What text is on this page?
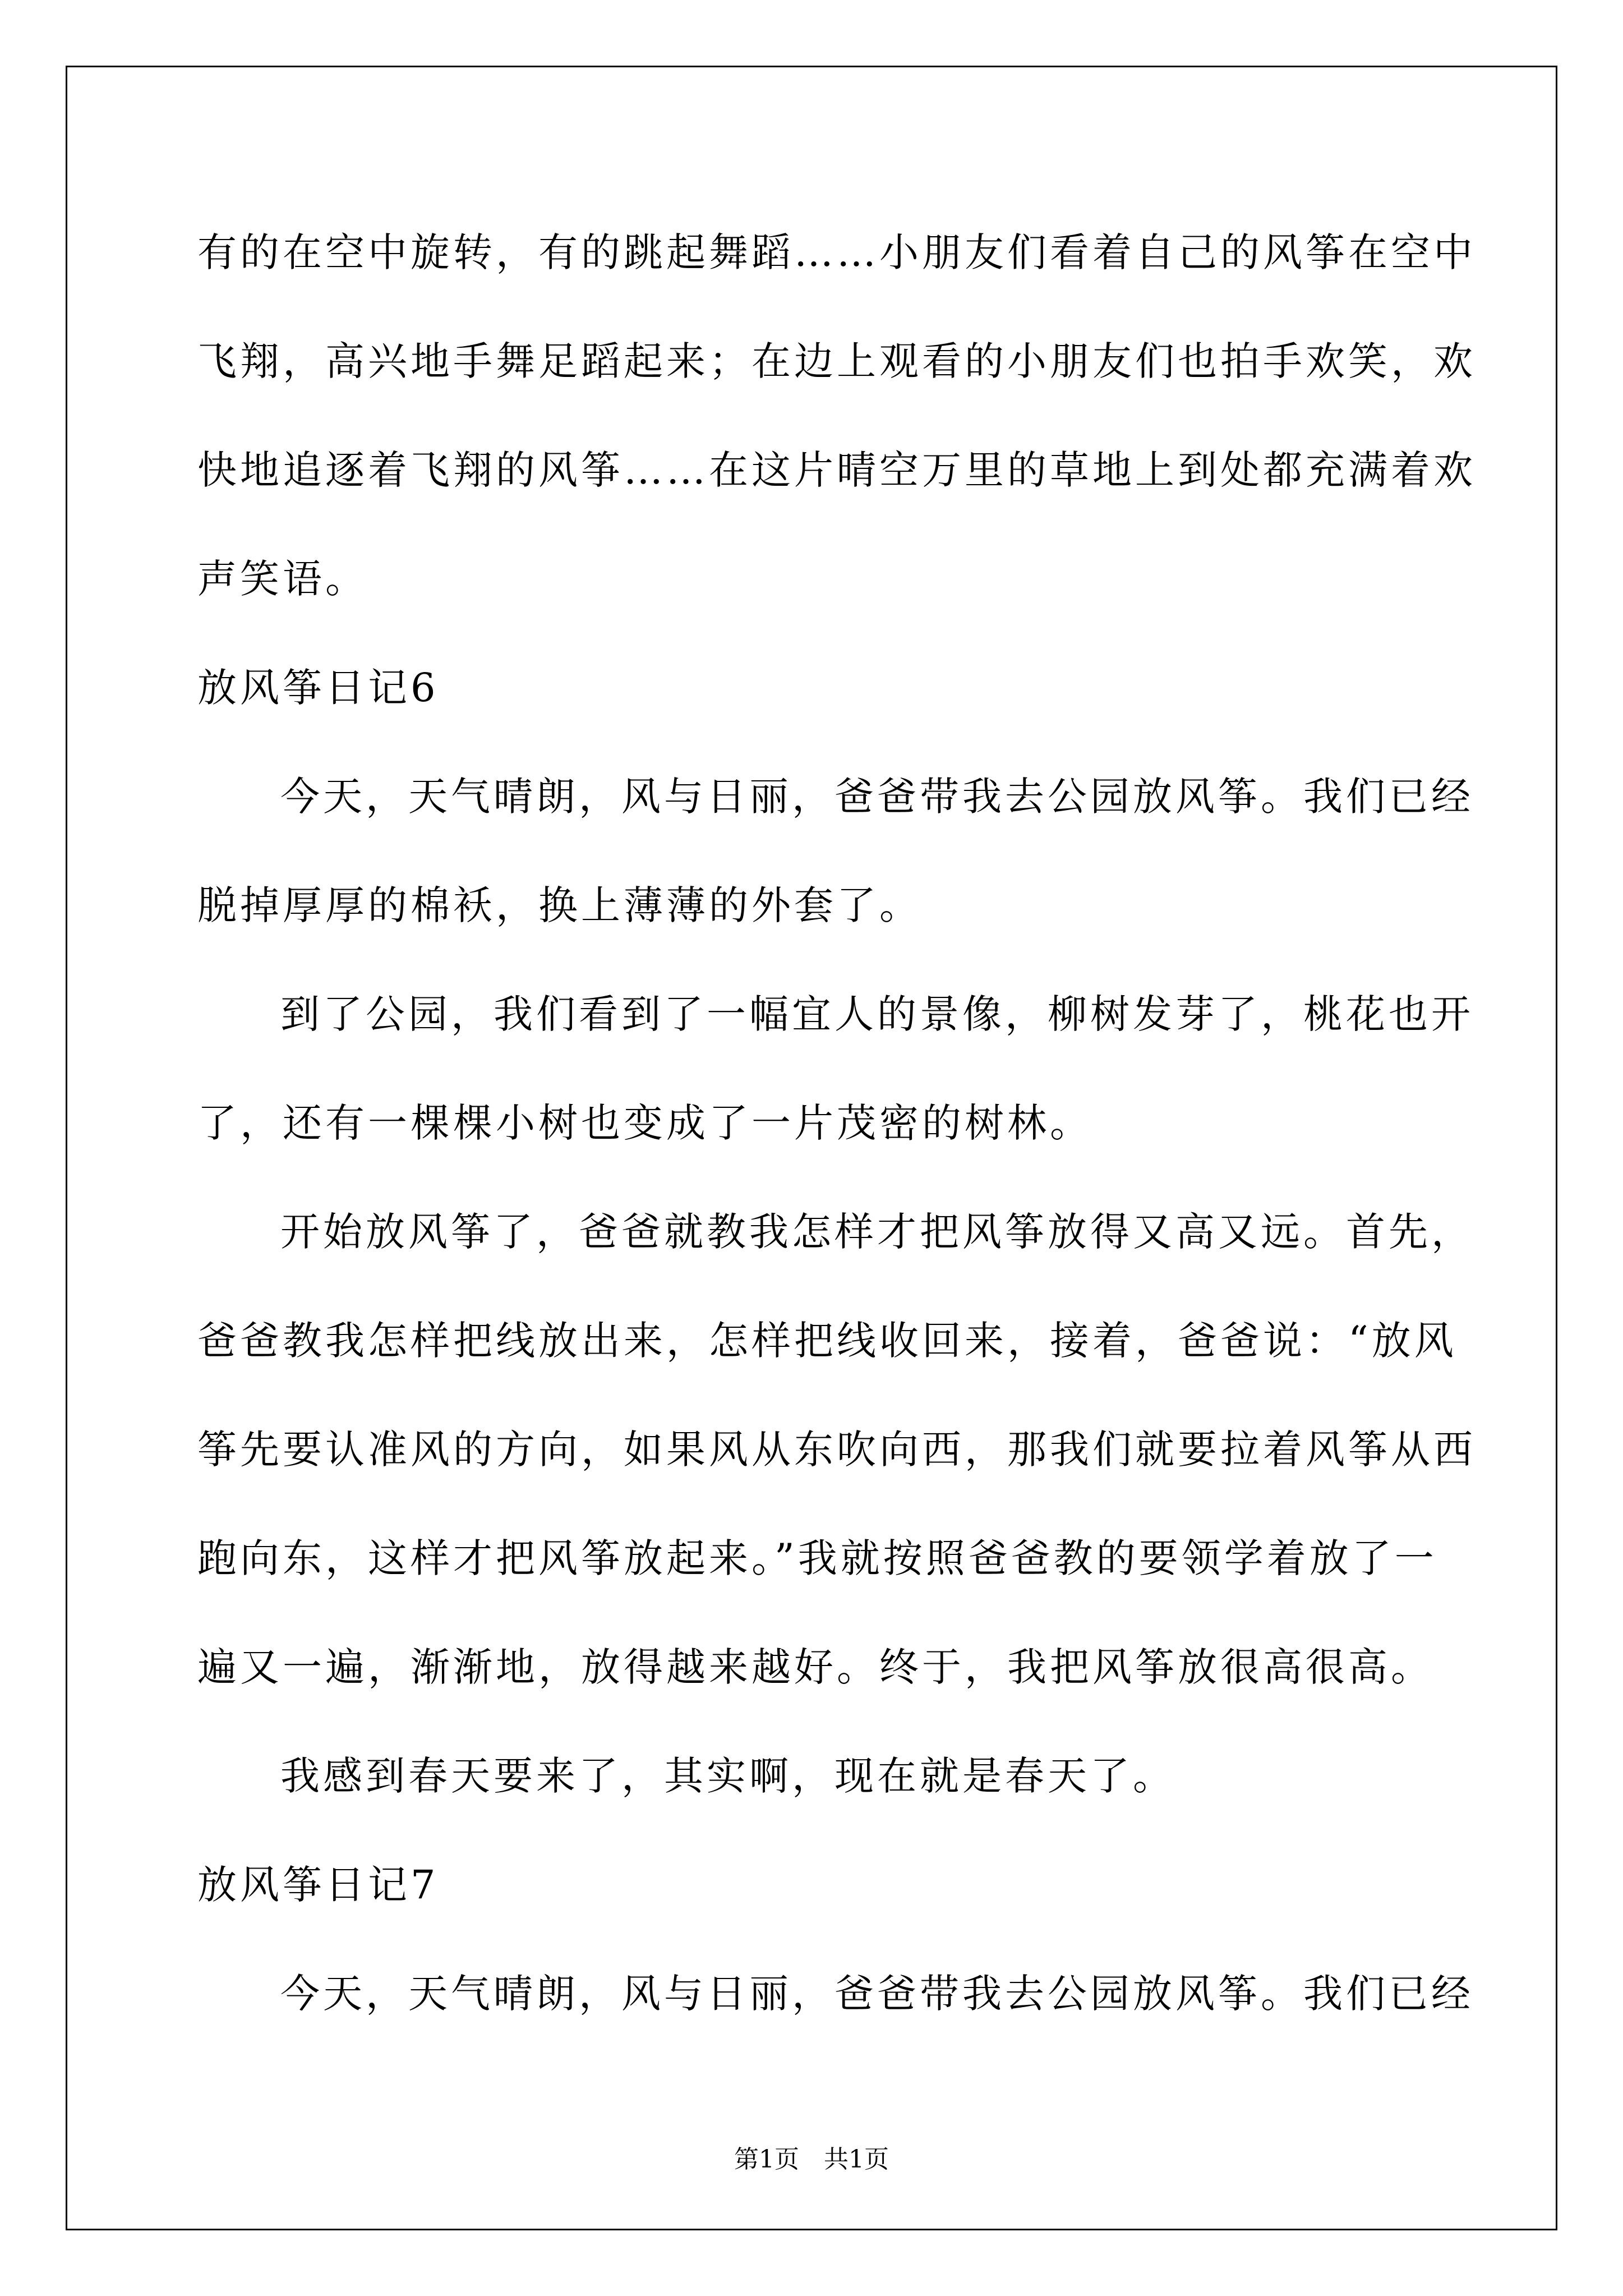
有的在空中旋转，有的跳起舞蹈……小朋友们看着自己的风筝在空中
飞翔，高兴地手舞足蹈起来；在边上观看的小朋友们也拍手欢笑，欢
快地追逐着飞翔的风筝……在这片晴空万里的草地上到处都充满着欢
声笑语。
放风筝日记6
今天，天气晴朗，风与日丽，爸爸带我去公园放风筝。我们已经
脱掉厚厚的棉袄，换上薄薄的外套了。
到了公园，我们看到了一幅宜人的景像，柳树发芽了，桃花也开
了，还有一棵棵小树也变成了一片茂密的树林。
开始放风筝了，爸爸就教我怎样才把风筝放得又高又远。首先，
爸爸教我怎样把线放出来，怎样把线收回来，接着，爸爸说：“放风
筝先要认准风的方向，如果风从东吹向西，那我们就要拉着风筝从西
跑向东，这样才把风筝放起来。”我就按照爸爸教的要领学着放了一
遍又一遍，渐渐地，放得越来越好。终于，我把风筝放很高很高。
我感到春天要来了，其实啊，现在就是春天了。
放风筝日记7
今天，天气晴朗，风与日丽，爸爸带我去公园放风筝。我们已经
第1页　共1页
